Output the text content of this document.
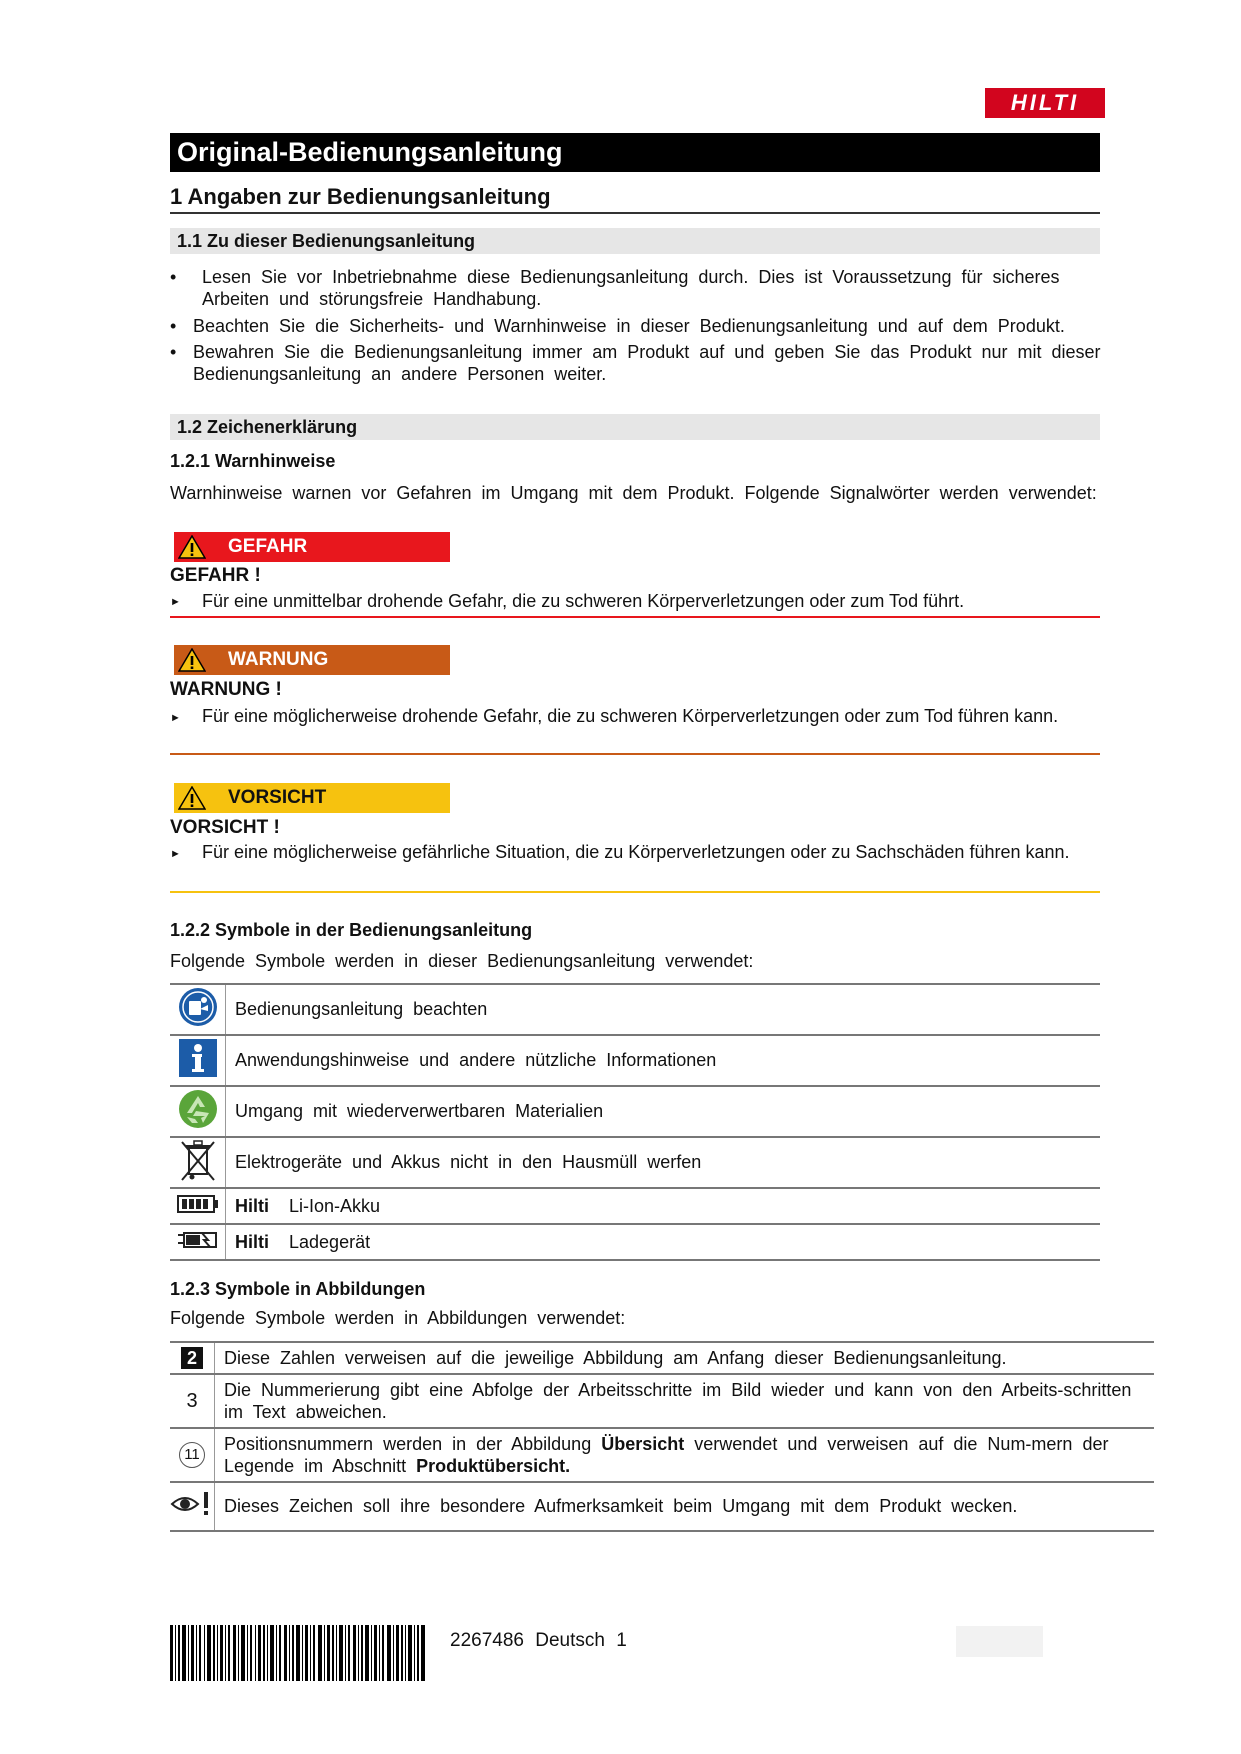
HILTI
Original-Bedienungsanleitung
1 Angaben zur Bedienungsanleitung
1.1 Zu dieser Bedienungsanleitung
•	Lesen Sie vor Inbetriebnahme diese Bedienungsanleitung durch. Dies ist Voraussetzung für sicheres Arbeiten und störungsfreie Handhabung.
• Beachten Sie die Sicherheits- und Warnhinweise in dieser Bedienungsanleitung und auf dem Produkt.
• Bewahren Sie die Bedienungsanleitung immer am Produkt auf und geben Sie das Produkt nur mit dieser Bedienungsanleitung an andere Personen weiter.
1.2 Zeichenerklärung
1.2.1 Warnhinweise
Warnhinweise warnen vor Gefahren im Umgang mit dem Produkt. Folgende Signalwörter werden verwendet:
GEFAHR
GEFAHR !
► Für eine unmittelbar drohende Gefahr, die zu schweren Körperverletzungen oder zum Tod führt.
WARNUNG
WARNUNG !
►	Für eine möglicherweise drohende Gefahr, die zu schweren Körperverletzungen oder zum Tod führen kann.
VORSICHT
VORSICHT !
►	Für eine möglicherweise gefährliche Situation, die zu Körperverletzungen oder zu Sachschäden führen kann.
1.2.2 Symbole in der Bedienungsanleitung
Folgende Symbole werden in dieser Bedienungsanleitung verwendet:
	Bedienungsanleitung beachten
	Anwendungshinweise und andere nützliche Informationen
	Umgang mit wiederverwertbaren Materialien
	Elektrogeräte und Akkus nicht in den Hausmüll werfen
	Hilti Li-Ion-Akku
	Hilti Ladegerät
1.2.3 Symbole in Abbildungen
Folgende Symbole werden in Abbildungen verwendet:
2	Diese Zahlen verweisen auf die jeweilige Abbildung am Anfang dieser Bedienungsanleitung.
3	Die Nummerierung gibt eine Abfolge der Arbeitsschritte im Bild wieder und kann von den Arbeits-schritten im Text abweichen.

11	Positionsnummern werden in der Abbildung Übersicht verwendet und verweisen auf die Num-mern der Legende im Abschnitt Produktübersicht.

	Dieses Zeichen soll ihre besondere Aufmerksamkeit beim Umgang mit dem Produkt wecken.
2267486 Deutsch 1
